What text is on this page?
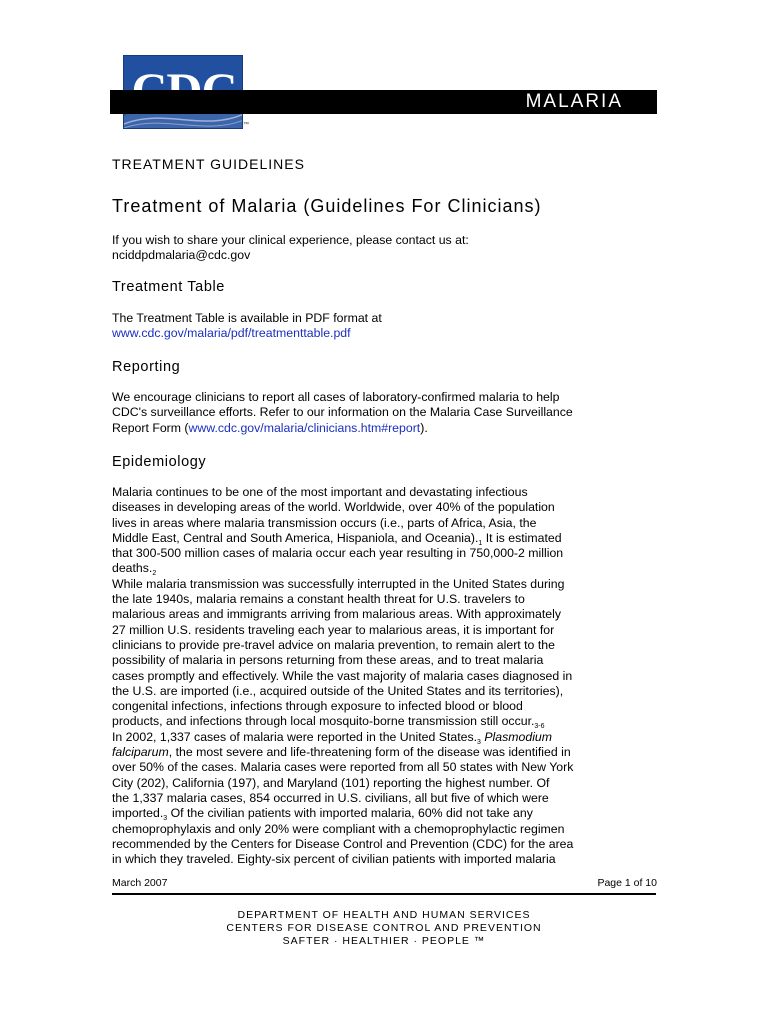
™
MALARIA
TREATMENT GUIDELINES
Treatment of Malaria (Guidelines For Clinicians)
If you wish to share your clinical experience, please contact us at:
nciddpdmalaria@cdc.gov
Treatment Table
The Treatment Table is available in PDF format at
www.cdc.gov/malaria/pdf/treatmenttable.pdf
Reporting
We encourage clinicians to report all cases of laboratory-confirmed malaria to help
CDC's surveillance efforts. Refer to our information on the Malaria Case Surveillance
Report Form (www.cdc.gov/malaria/clinicians.htm#report).
Epidemiology
Malaria continues to be one of the most important and devastating infectious
diseases in developing areas of the world. Worldwide, over 40% of the population
lives in areas where malaria transmission occurs (i.e., parts of Africa, Asia, the
Middle East, Central and South America, Hispaniola, and Oceania).$^1$ It is estimated
that 300-500 million cases of malaria occur each year resulting in 750,000-2 million
deaths.$^2$
While malaria transmission was successfully interrupted in the United States during
the late 1940s, malaria remains a constant health threat for U.S. travelers to
malarious areas and immigrants arriving from malarious areas. With approximately
27 million U.S. residents traveling each year to malarious areas, it is important for
clinicians to provide pre-travel advice on malaria prevention, to remain alert to the
possibility of malaria in persons returning from these areas, and to treat malaria
cases promptly and effectively. While the vast majority of malaria cases diagnosed in
the U.S. are imported (i.e., acquired outside of the United States and its territories),
congenital infections, infections through exposure to infected blood or blood
products, and infections through local mosquito-borne transmission still occur.$^{3-6}$
In 2002, 1,337 cases of malaria were reported in the United States.$^3$ Plasmodium
falciparum, the most severe and life-threatening form of the disease was identified in
over 50% of the cases. Malaria cases were reported from all 50 states with New York
City (202), California (197), and Maryland (101) reporting the highest number. Of
the 1,337 malaria cases, 854 occurred in U.S. civilians, all but five of which were
imported.$^3$ Of the civilian patients with imported malaria, 60% did not take any
chemoprophylaxis and only 20% were compliant with a chemoprophylactic regimen
recommended by the Centers for Disease Control and Prevention (CDC) for the area
in which they traveled. Eighty-six percent of civilian patients with imported malaria
March 2007	Page 1 of 10
DEPARTMENT OF HEALTH AND HUMAN SERVICES
CENTERS FOR DISEASE CONTROL AND PREVENTION
SAFTER · HEALTHIER · PEOPLE ™
